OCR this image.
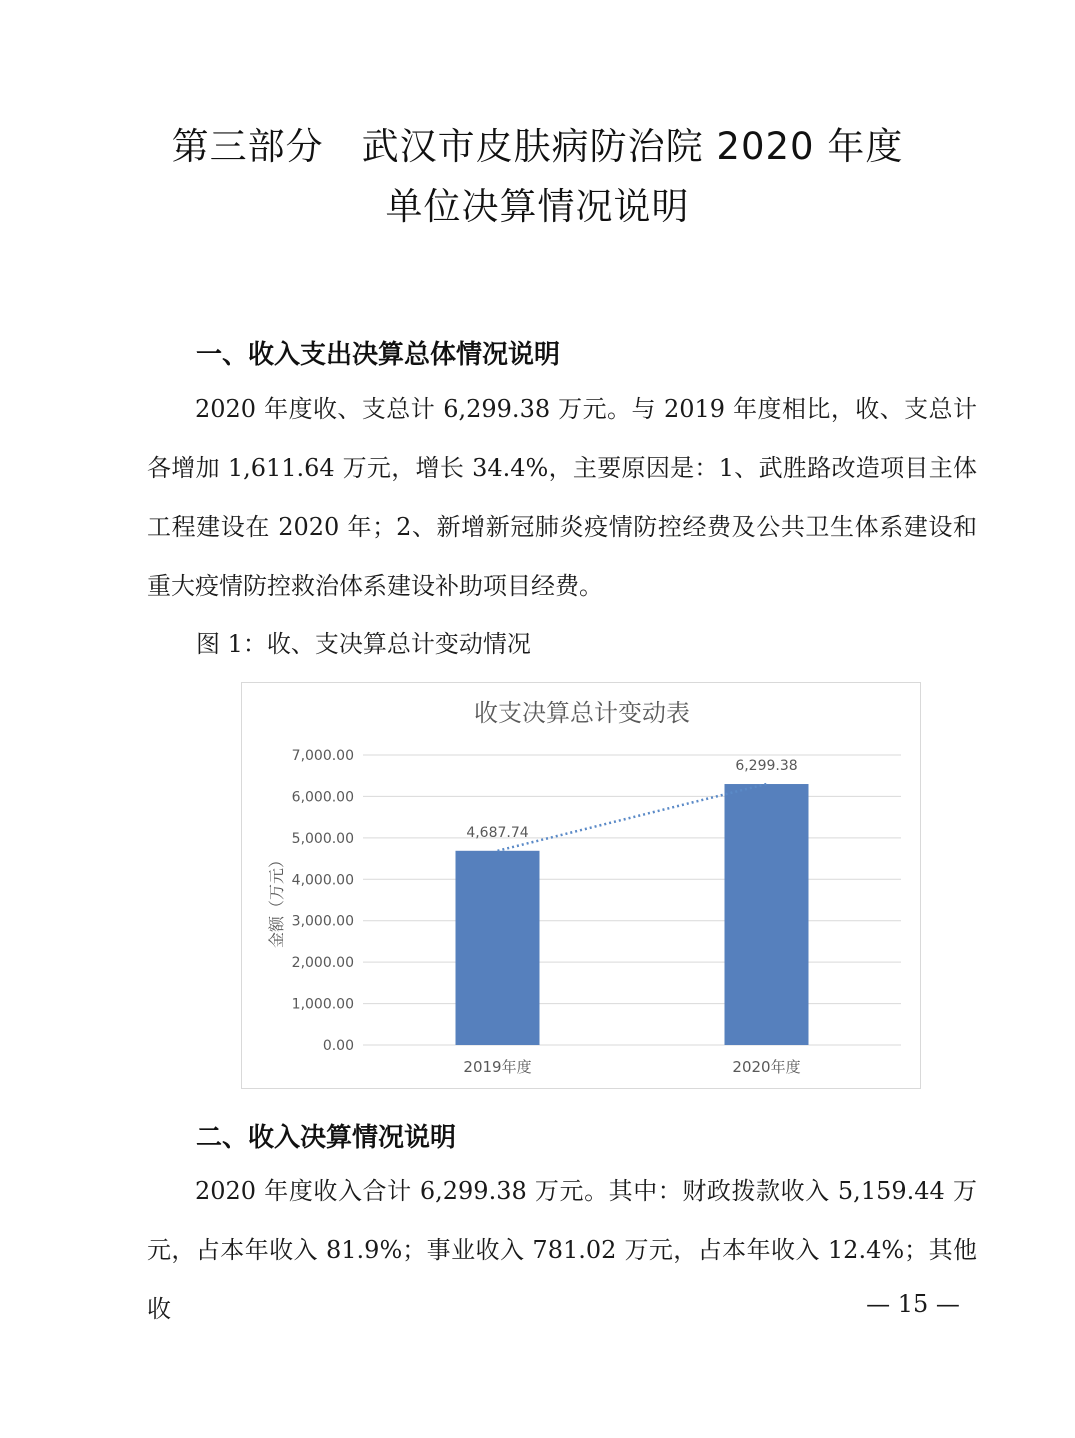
第三部分　武汉市皮肤病防治院 2020 年度
单位决算情况说明
一、收入支出决算总体情况说明
2020 年度收、支总计 6,299.38 万元。与 2019 年度相比，收、支总计各增加 1,611.64 万元，增长 34.4%，主要原因是：1、武胜路改造项目主体工程建设在 2020 年；2、新增新冠肺炎疫情防控经费及公共卫生体系建设和重大疫情防控救治体系建设补助项目经费。
图 1：收、支决算总计变动情况
收支决算总计变动表
0.00
1,000.00
2,000.00
3,000.00
4,000.00
5,000.00
6,000.00
7,000.00
金额（万元）
4,687.74
2019年度
6,299.38
2020年度
二、收入决算情况说明
2020 年度收入合计 6,299.38 万元。其中：财政拨款收入 5,159.44 万元，占本年收入 81.9%；事业收入 781.02 万元，占本年收入 12.4%；其他收	— 15 —
